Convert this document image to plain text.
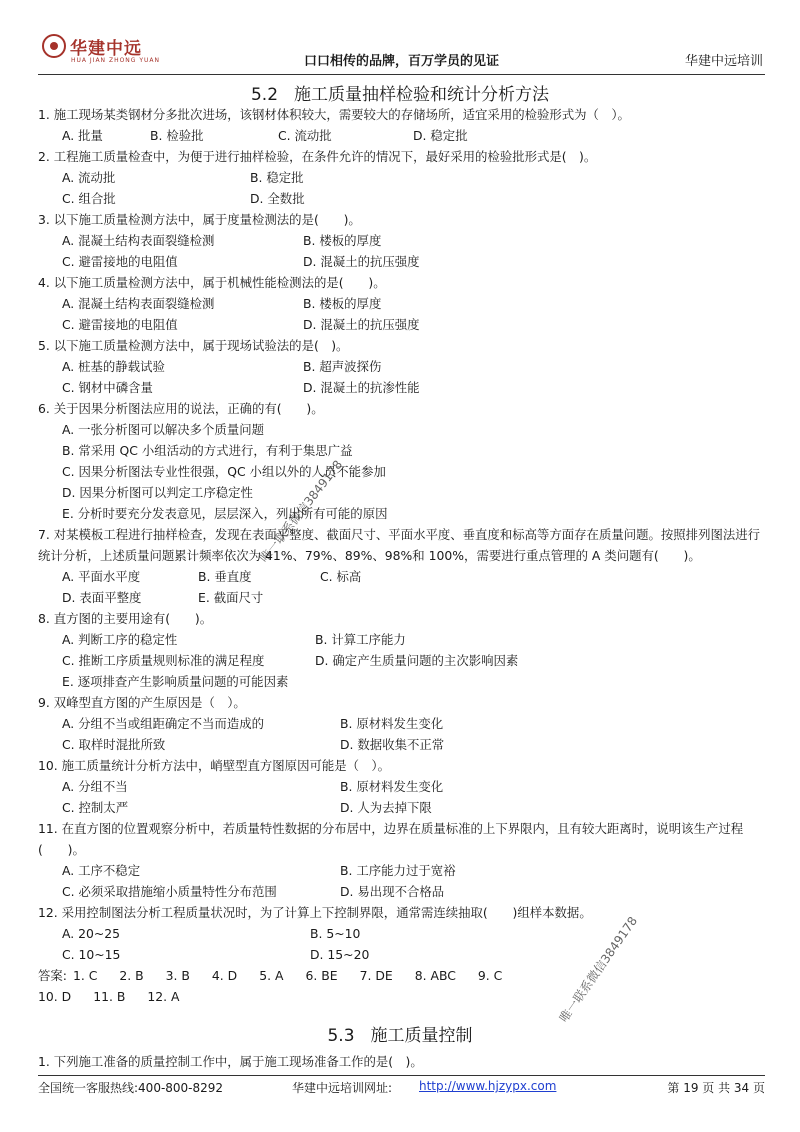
华建中远
HUA JIAN ZHONG YUAN	口口相传的品牌，百万学员的见证	华建中远培训
5.2 施工质量抽样检验和统计分析方法

1. 施工现场某类钢材分多批次进场，该钢材体积较大，需要较大的存储场所，适宜采用的检验形式为（　）。

A. 批量	B. 检验批	C. 流动批	D. 稳定批

2. 工程施工质量检查中，为便于进行抽样检验，在条件允许的情况下，最好采用的检验批形式是(　)。

A. 流动批	B. 稳定批
C. 组合批	D. 全数批

3. 以下施工质量检测方法中，属于度量检测法的是(　　)。

A. 混凝土结构表面裂缝检测	B. 楼板的厚度
C. 避雷接地的电阻值	D. 混凝土的抗压强度

4. 以下施工质量检测方法中，属于机械性能检测法的是(　　)。

A. 混凝土结构表面裂缝检测	B. 楼板的厚度
C. 避雷接地的电阻值	D. 混凝土的抗压强度

5. 以下施工质量检测方法中，属于现场试验法的是(　)。

A. 桩基的静载试验	B. 超声波探伤
C. 钢材中磷含量	D. 混凝土的抗渗性能

6. 关于因果分析图法应用的说法，正确的有(　　)。

A. 一张分析图可以解决多个质量问题
B. 常采用 QC 小组活动的方式进行，有利于集思广益
C. 因果分析图法专业性很强，QC 小组以外的人员不能参加
D. 因果分析图可以判定工序稳定性
E. 分析时要充分发表意见，层层深入，列出所有可能的原因

7. 对某模板工程进行抽样检查，发现在表面平整度、截面尺寸、平面水平度、垂直度和标高等方面存在质量问题。按照排列图法进行统计分析，上述质量问题累计频率依次为 41%、79%、89%、98%和 100%，需要进行重点管理的 A 类问题有(　　)。

A. 平面水平度	B. 垂直度	C. 标高
D. 表面平整度	E. 截面尺寸

8. 直方图的主要用途有(　　)。

A. 判断工序的稳定性	B. 计算工序能力
C. 推断工序质量规则标准的满足程度	D. 确定产生质量问题的主次影响因素
E. 逐项排查产生影响质量问题的可能因素

9. 双峰型直方图的产生原因是（　）。

A. 分组不当或组距确定不当而造成的	B. 原材料发生变化
C. 取样时混批所致	D. 数据收集不正常

10. 施工质量统计分析方法中，峭壁型直方图原因可能是（　）。

A. 分组不当	B. 原材料发生变化
C. 控制太严	D. 人为去掉下限

11. 在直方图的位置观察分析中，若质量特性数据的分布居中，边界在质量标准的上下界限内，且有较大距离时，说明该生产过程(　　)。

A. 工序不稳定	B. 工序能力过于宽裕
C. 必须采取措施缩小质量特性分布范围	D. 易出现不合格品

12. 采用控制图法分析工程质量状况时，为了计算上下控制界限，通常需连续抽取(　　)组样本数据。

A. 20~25	B. 5~10
C. 10~15	D. 15~20
答案: 1. C 2. B 3. B 4. D 5. A 6. BE 7. DE 8. ABC 9. C
10. D 11. B 12. A
5.3 施工质量控制

1. 下列施工准备的质量控制工作中，属于施工现场准备工作的是(　)。

唯一联系微信3849178
唯一联系微信3849178
全国统一客服热线:400-800-8292	华建中远培训网址: http://www.hjzypx.com	第 19 页 共 34 页
